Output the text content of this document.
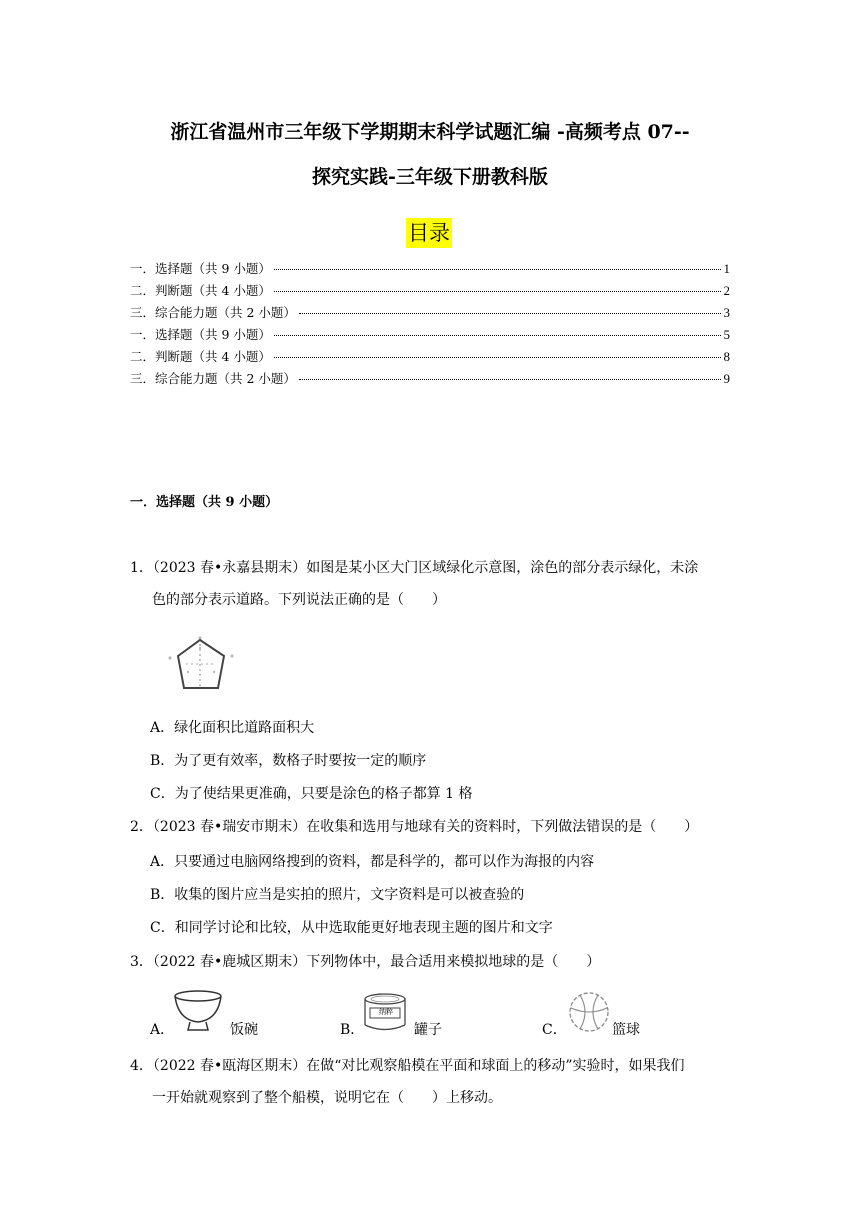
浙江省温州市三年级下学期期末科学试题汇编 -高频考点 07--
探究实践-三年级下册教科版
目录
一．选择题（共 9 小题）	1
二．判断题（共 4 小题）	2
三．综合能力题（共 2 小题）	3
一．选择题（共 9 小题）	5
二．判断题（共 4 小题）	8
三．综合能力题（共 2 小题）	9
一．选择题（共 9 小题）
1．（2023 春•永嘉县期末）如图是某小区大门区域绿化示意图，涂色的部分表示绿化，未涂
色的部分表示道路。下列说法正确的是（　　）
A．绿化面积比道路面积大
B．为了更有效率，数格子时要按一定的顺序
C．为了使结果更准确，只要是涂色的格子都算 1 格
2．（2023 春•瑞安市期末）在收集和选用与地球有关的资料时，下列做法错误的是（　　）
A．只要通过电脑网络搜到的资料，都是科学的，都可以作为海报的内容
B．收集的图片应当是实拍的照片，文字资料是可以被查验的
C．和同学讨论和比较，从中选取能更好地表现主题的图片和文字
3．（2022 春•鹿城区期末）下列物体中，最合适用来模拟地球的是（　　）
A．	饭碗	B．
纳粹
罐子	C．	篮球
4．（2022 春•瓯海区期末）在做“对比观察船模在平面和球面上的移动”实验时，如果我们
一开始就观察到了整个船模，说明它在（　　）上移动。
